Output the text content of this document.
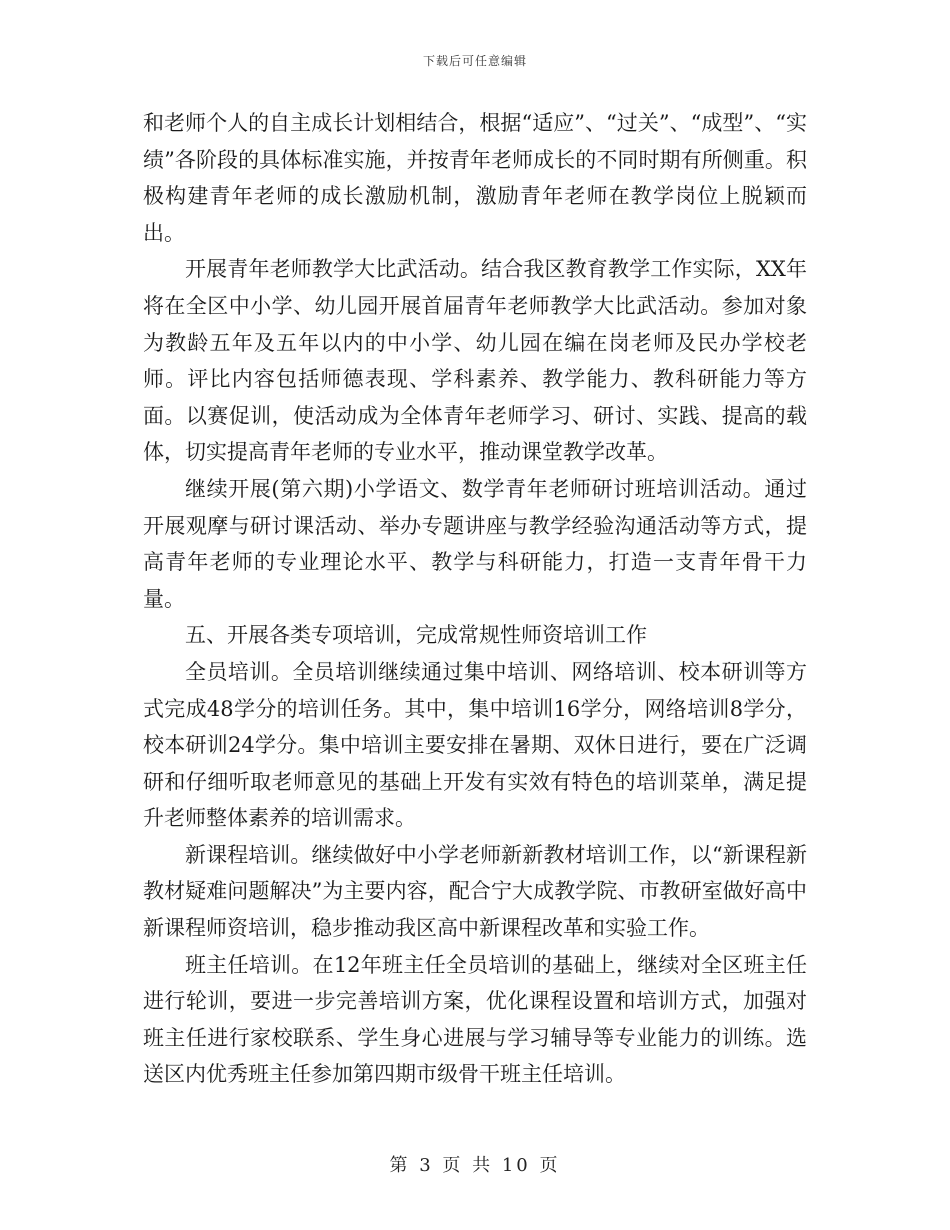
下载后可任意编辑

和老师个人的自主成长计划相结合，根据“适应”、“过关”、“成型”、“实绩”各阶段的具体标准实施，并按青年老师成长的不同时期有所侧重。积极构建青年老师的成长激励机制，激励青年老师在教学岗位上脱颖而出。

开展青年老师教学大比武活动。结合我区教育教学工作实际，XX年将在全区中小学、幼儿园开展首届青年老师教学大比武活动。参加对象为教龄五年及五年以内的中小学、幼儿园在编在岗老师及民办学校老师。评比内容包括师德表现、学科素养、教学能力、教科研能力等方面。以赛促训，使活动成为全体青年老师学习、研讨、实践、提高的载体，切实提高青年老师的专业水平，推动课堂教学改革。

继续开展(第六期)小学语文、数学青年老师研讨班培训活动。通过开展观摩与研讨课活动、举办专题讲座与教学经验沟通活动等方式，提高青年老师的专业理论水平、教学与科研能力，打造一支青年骨干力量。

五、开展各类专项培训，完成常规性师资培训工作

全员培训。全员培训继续通过集中培训、网络培训、校本研训等方式完成48学分的培训任务。其中，集中培训16学分，网络培训8学分，校本研训24学分。集中培训主要安排在暑期、双休日进行，要在广泛调研和仔细听取老师意见的基础上开发有实效有特色的培训菜单，满足提升老师整体素养的培训需求。

新课程培训。继续做好中小学老师新新教材培训工作，以“新课程新教材疑难问题解决”为主要内容，配合宁大成教学院、市教研室做好高中新课程师资培训，稳步推动我区高中新课程改革和实验工作。

班主任培训。在12年班主任全员培训的基础上，继续对全区班主任进行轮训，要进一步完善培训方案，优化课程设置和培训方式，加强对班主任进行家校联系、学生身心进展与学习辅导等专业能力的训练。选送区内优秀班主任参加第四期市级骨干班主任培训。

第 3 页 共 10 页
